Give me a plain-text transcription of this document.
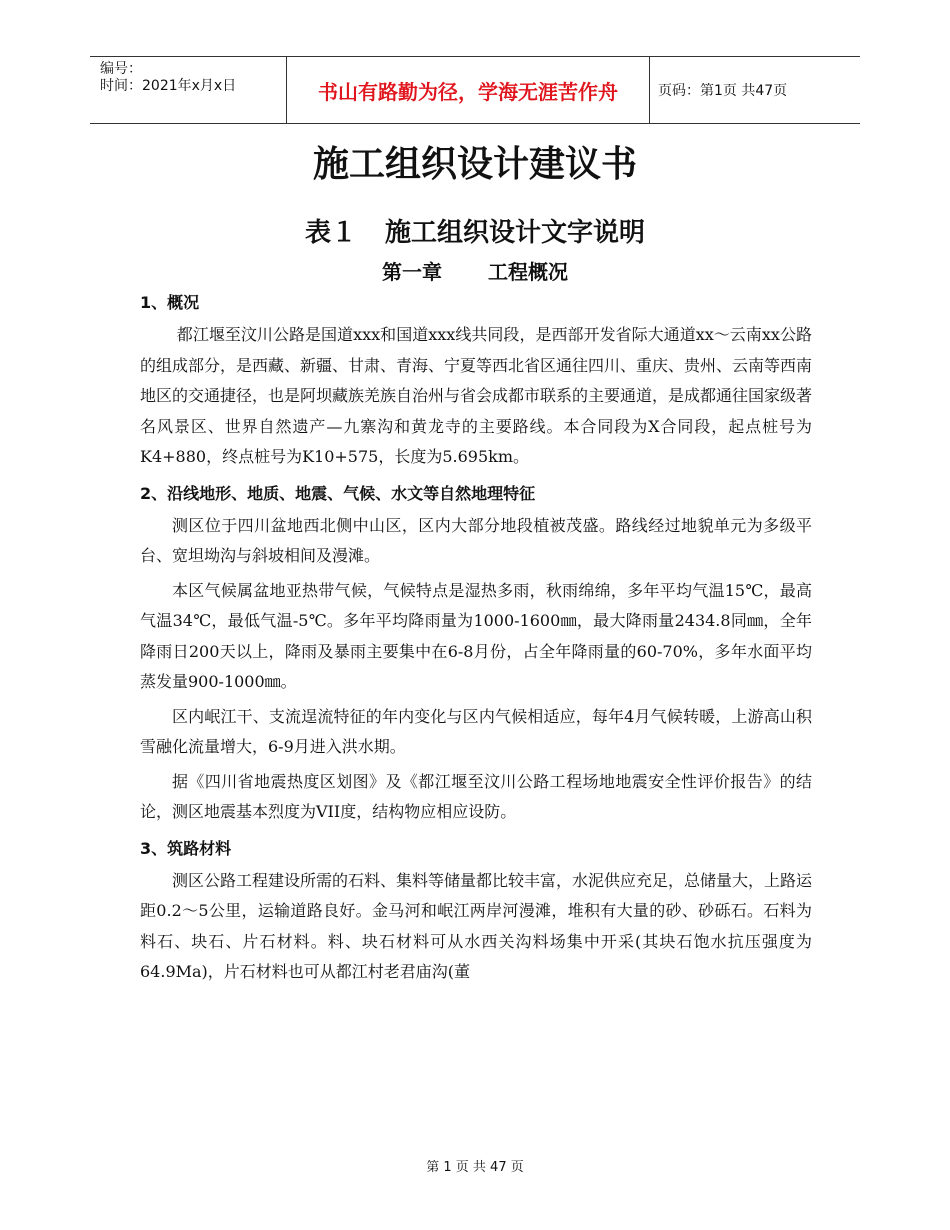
编号：
时间：2021年x月x日	书山有路勤为径，学海无涯苦作舟	页码：第1页 共47页
施工组织设计建议书
表１ 施工组织设计文字说明
第一章 工程概况
1、概况

都江堰至汶川公路是国道xxx和国道xxx线共同段，是西部开发省际大通道xx～云南xx公路的组成部分，是西藏、新疆、甘肃、青海、宁夏等西北省区通往四川、重庆、贵州、云南等西南地区的交通捷径，也是阿坝藏族羌族自治州与省会成都市联系的主要通道，是成都通往国家级著名风景区、世界自然遗产—九寨沟和黄龙寺的主要路线。本合同段为X合同段，起点桩号为K4+880，终点桩号为K10+575，长度为5.695km。

2、沿线地形、地质、地震、气候、水文等自然地理特征

测区位于四川盆地西北侧中山区，区内大部分地段植被茂盛。路线经过地貌单元为多级平台、宽坦坳沟与斜坡相间及漫滩。

本区气候属盆地亚热带气候，气候特点是湿热多雨，秋雨绵绵，多年平均气温15℃，最高气温34℃，最低气温-5℃。多年平均降雨量为1000-1600㎜，最大降雨量2434.8同㎜，全年降雨日200天以上，降雨及暴雨主要集中在6-8月份，占全年降雨量的60-70%，多年水面平均蒸发量900-1000㎜。

区内岷江干、支流逞流特征的年内变化与区内气候相适应，每年4月气候转暖，上游高山积雪融化流量增大，6-9月进入洪水期。

据《四川省地震热度区划图》及《都江堰至汶川公路工程场地地震安全性评价报告》的结论，测区地震基本烈度为VII度，结构物应相应设防。

3、筑路材料

测区公路工程建设所需的石料、集料等储量都比较丰富，水泥供应充足，总储量大，上路运距0.2～5公里，运输道路良好。金马河和岷江两岸河漫滩，堆积有大量的砂、砂砾石。石料为料石、块石、片石材料。料、块石材料可从水西关沟料场集中开采(其块石饱水抗压强度为64.9Ma)，片石材料也可从都江村老君庙沟(董

第 1 页 共 47 页
